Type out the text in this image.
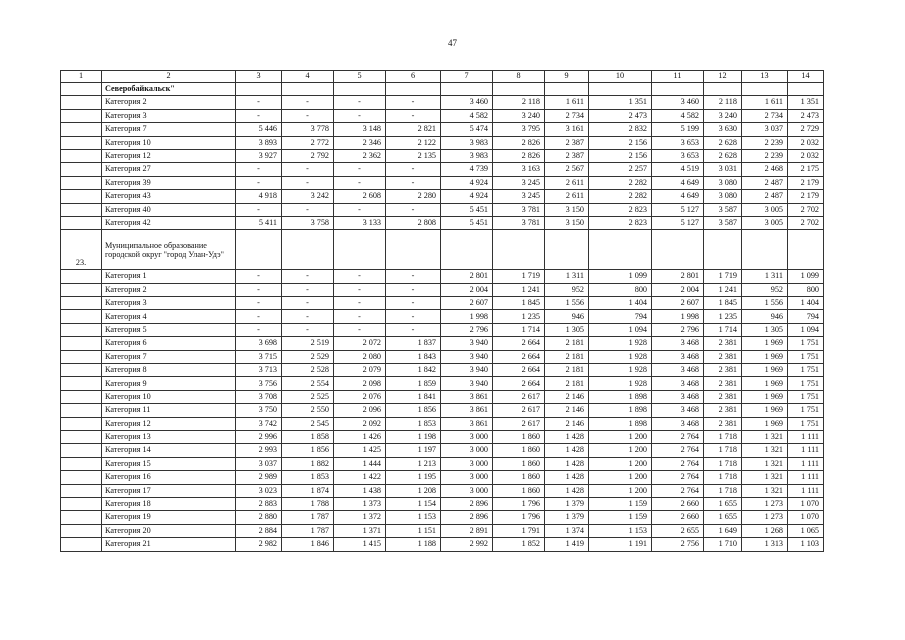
47
1	2	3	4	5	6	7	8	9	10	11	12	13	14
	Северобайкальск"												
	Категория 2	-	-	-	-	3 460	2 118	1 611	1 351	3 460	2 118	1 611	1 351
	Категория 3	-	-	-	-	4 582	3 240	2 734	2 473	4 582	3 240	2 734	2 473
	Категория 7	5 446	3 778	3 148	2 821	5 474	3 795	3 161	2 832	5 199	3 630	3 037	2 729
	Категория 10	3 893	2 772	2 346	2 122	3 983	2 826	2 387	2 156	3 653	2 628	2 239	2 032
	Категория 12	3 927	2 792	2 362	2 135	3 983	2 826	2 387	2 156	3 653	2 628	2 239	2 032
	Категория 27	-	-	-	-	4 739	3 163	2 567	2 257	4 519	3 031	2 468	2 175
	Категория 39	-	-	-	-	4 924	3 245	2 611	2 282	4 649	3 080	2 487	2 179
	Категория 43	4 918	3 242	2 608	2 280	4 924	3 245	2 611	2 282	4 649	3 080	2 487	2 179
	Категория 40	-	-	-	-	5 451	3 781	3 150	2 823	5 127	3 587	3 005	2 702
	Категория 42	5 411	3 758	3 133	2 808	5 451	3 781	3 150	2 823	5 127	3 587	3 005	2 702
23.	Муниципальное образование городской округ "город Улан-Удэ"												
	Категория 1	-	-	-	-	2 801	1 719	1 311	1 099	2 801	1 719	1 311	1 099
	Категория 2	-	-	-	-	2 004	1 241	952	800	2 004	1 241	952	800
	Категория 3	-	-	-	-	2 607	1 845	1 556	1 404	2 607	1 845	1 556	1 404
	Категория 4	-	-	-	-	1 998	1 235	946	794	1 998	1 235	946	794
	Категория 5	-	-	-	-	2 796	1 714	1 305	1 094	2 796	1 714	1 305	1 094
	Категория 6	3 698	2 519	2 072	1 837	3 940	2 664	2 181	1 928	3 468	2 381	1 969	1 751
	Категория 7	3 715	2 529	2 080	1 843	3 940	2 664	2 181	1 928	3 468	2 381	1 969	1 751
	Категория 8	3 713	2 528	2 079	1 842	3 940	2 664	2 181	1 928	3 468	2 381	1 969	1 751
	Категория 9	3 756	2 554	2 098	1 859	3 940	2 664	2 181	1 928	3 468	2 381	1 969	1 751
	Категория 10	3 708	2 525	2 076	1 841	3 861	2 617	2 146	1 898	3 468	2 381	1 969	1 751
	Категория 11	3 750	2 550	2 096	1 856	3 861	2 617	2 146	1 898	3 468	2 381	1 969	1 751
	Категория 12	3 742	2 545	2 092	1 853	3 861	2 617	2 146	1 898	3 468	2 381	1 969	1 751
	Категория 13	2 996	1 858	1 426	1 198	3 000	1 860	1 428	1 200	2 764	1 718	1 321	1 111
	Категория 14	2 993	1 856	1 425	1 197	3 000	1 860	1 428	1 200	2 764	1 718	1 321	1 111
	Категория 15	3 037	1 882	1 444	1 213	3 000	1 860	1 428	1 200	2 764	1 718	1 321	1 111
	Категория 16	2 989	1 853	1 422	1 195	3 000	1 860	1 428	1 200	2 764	1 718	1 321	1 111
	Категория 17	3 023	1 874	1 438	1 208	3 000	1 860	1 428	1 200	2 764	1 718	1 321	1 111
	Категория 18	2 883	1 788	1 373	1 154	2 896	1 796	1 379	1 159	2 660	1 655	1 273	1 070
	Категория 19	2 880	1 787	1 372	1 153	2 896	1 796	1 379	1 159	2 660	1 655	1 273	1 070
	Категория 20	2 884	1 787	1 371	1 151	2 891	1 791	1 374	1 153	2 655	1 649	1 268	1 065
	Категория 21	2 982	1 846	1 415	1 188	2 992	1 852	1 419	1 191	2 756	1 710	1 313	1 103
